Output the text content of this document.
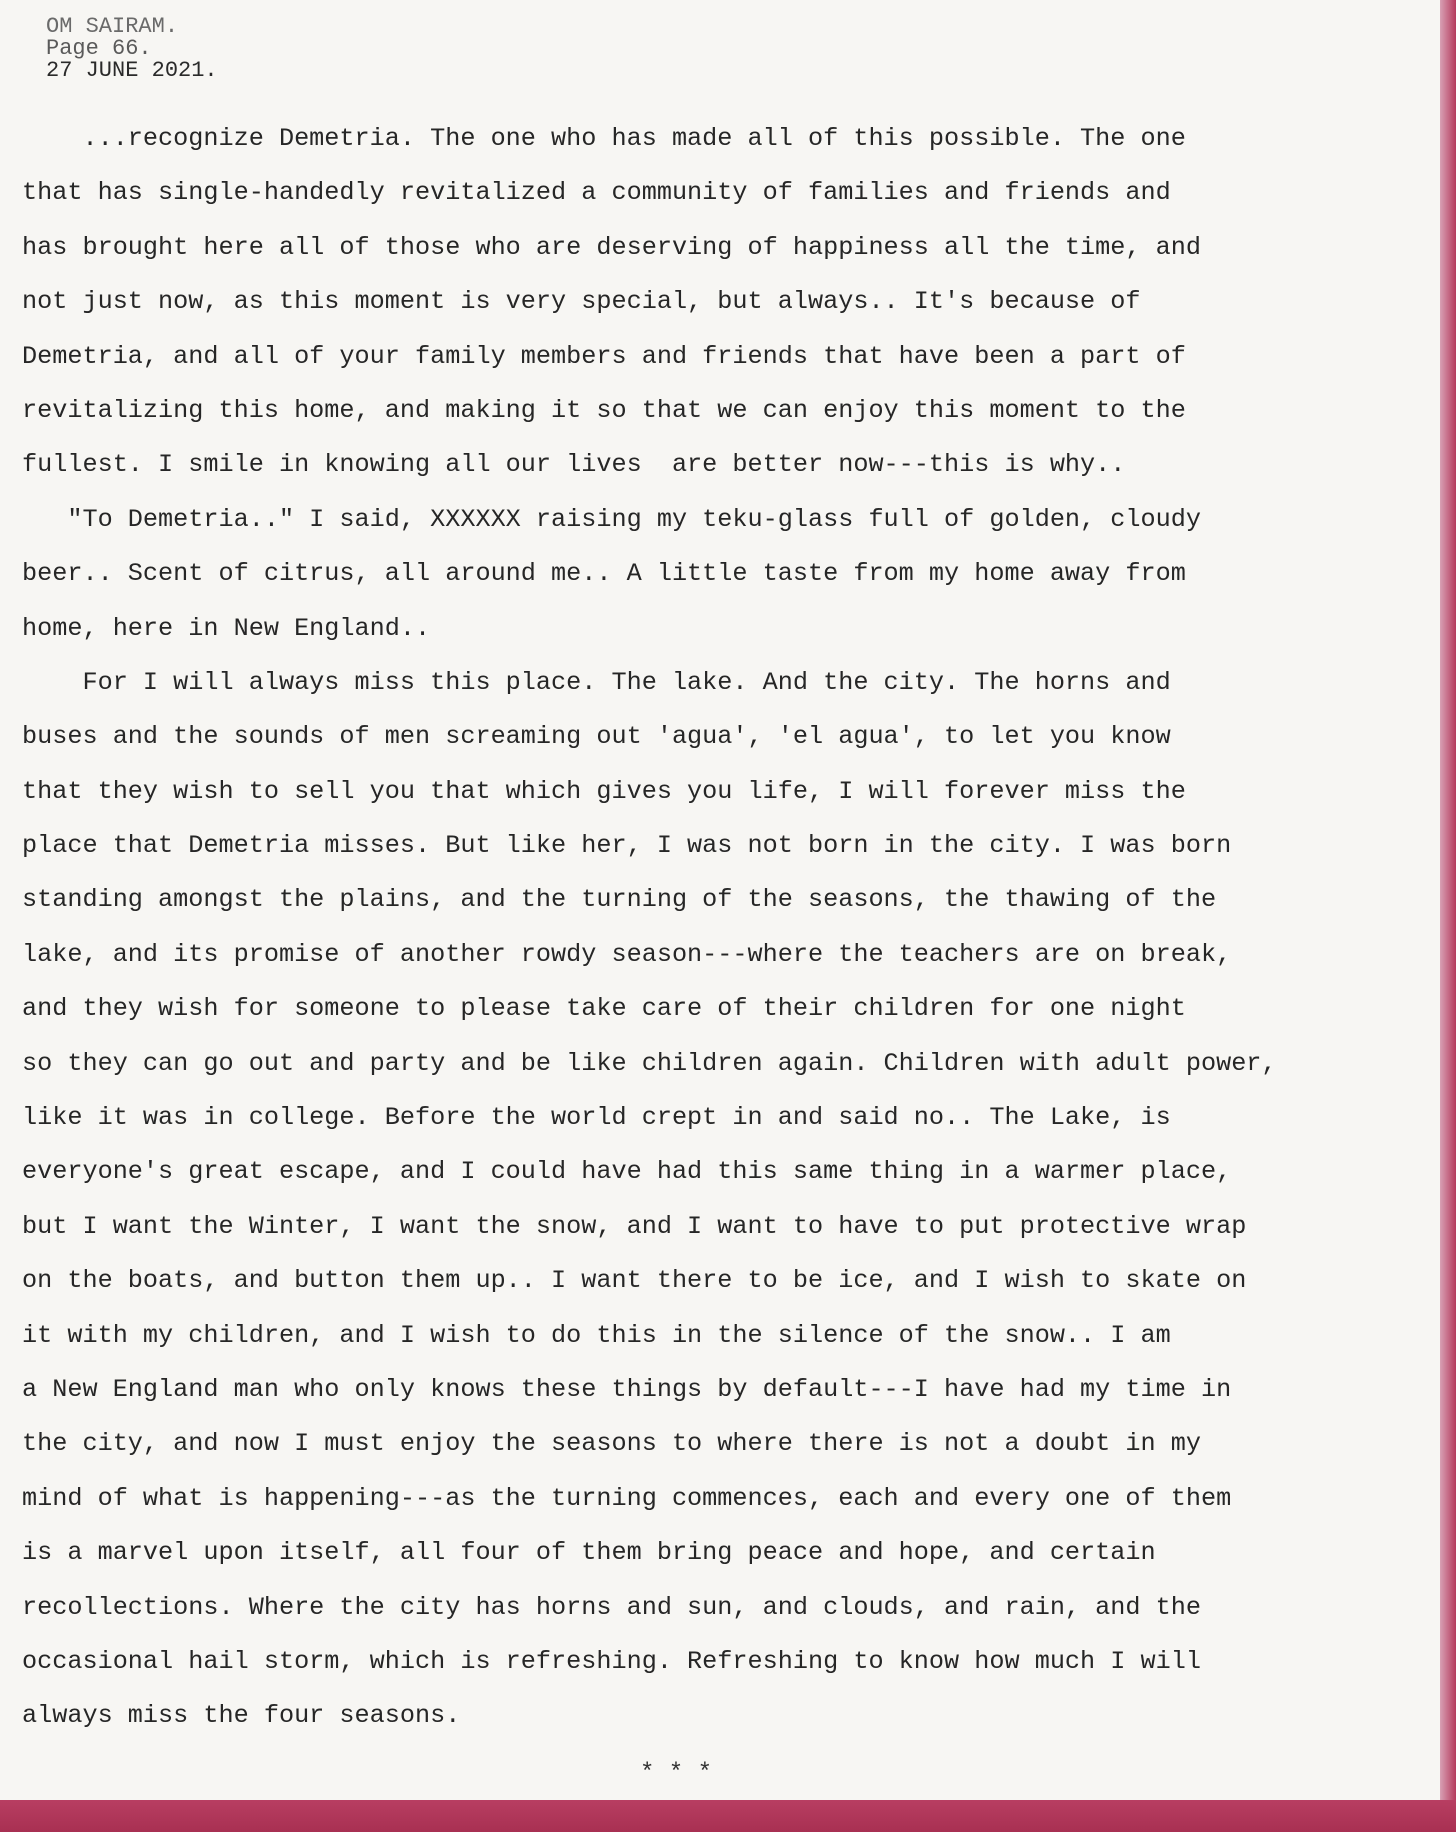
OM SAIRAM.
Page 66.
27 JUNE 2021.
...recognize Demetria. The one who has made all of this possible. The one
that has single-handedly revitalized a community of families and friends and
has brought here all of those who are deserving of happiness all the time, and
not just now, as this moment is very special, but always.. It's because of
Demetria, and all of your family members and friends that have been a part of
revitalizing this home, and making it so that we can enjoy this moment to the
fullest. I smile in knowing all our lives  are better now---this is why..
"To Demetria.." I said, XXXXXX raising my teku-glass full of golden, cloudy
beer.. Scent of citrus, all around me.. A little taste from my home away from
home, here in New England..
For I will always miss this place. The lake. And the city. The horns and
buses and the sounds of men screaming out 'agua', 'el agua', to let you know
that they wish to sell you that which gives you life, I will forever miss the
place that Demetria misses. But like her, I was not born in the city. I was born
standing amongst the plains, and the turning of the seasons, the thawing of the
lake, and its promise of another rowdy season---where the teachers are on break,
and they wish for someone to please take care of their children for one night
so they can go out and party and be like children again. Children with adult power,
like it was in college. Before the world crept in and said no.. The Lake, is
everyone's great escape, and I could have had this same thing in a warmer place,
but I want the Winter, I want the snow, and I want to have to put protective wrap
on the boats, and button them up.. I want there to be ice, and I wish to skate on
it with my children, and I wish to do this in the silence of the snow.. I am
a New England man who only knows these things by default---I have had my time in
the city, and now I must enjoy the seasons to where there is not a doubt in my
mind of what is happening---as the turning commences, each and every one of them
is a marvel upon itself, all four of them bring peace and hope, and certain
recollections. Where the city has horns and sun, and clouds, and rain, and the
occasional hail storm, which is refreshing. Refreshing to know how much I will
always miss the four seasons.
* * *
